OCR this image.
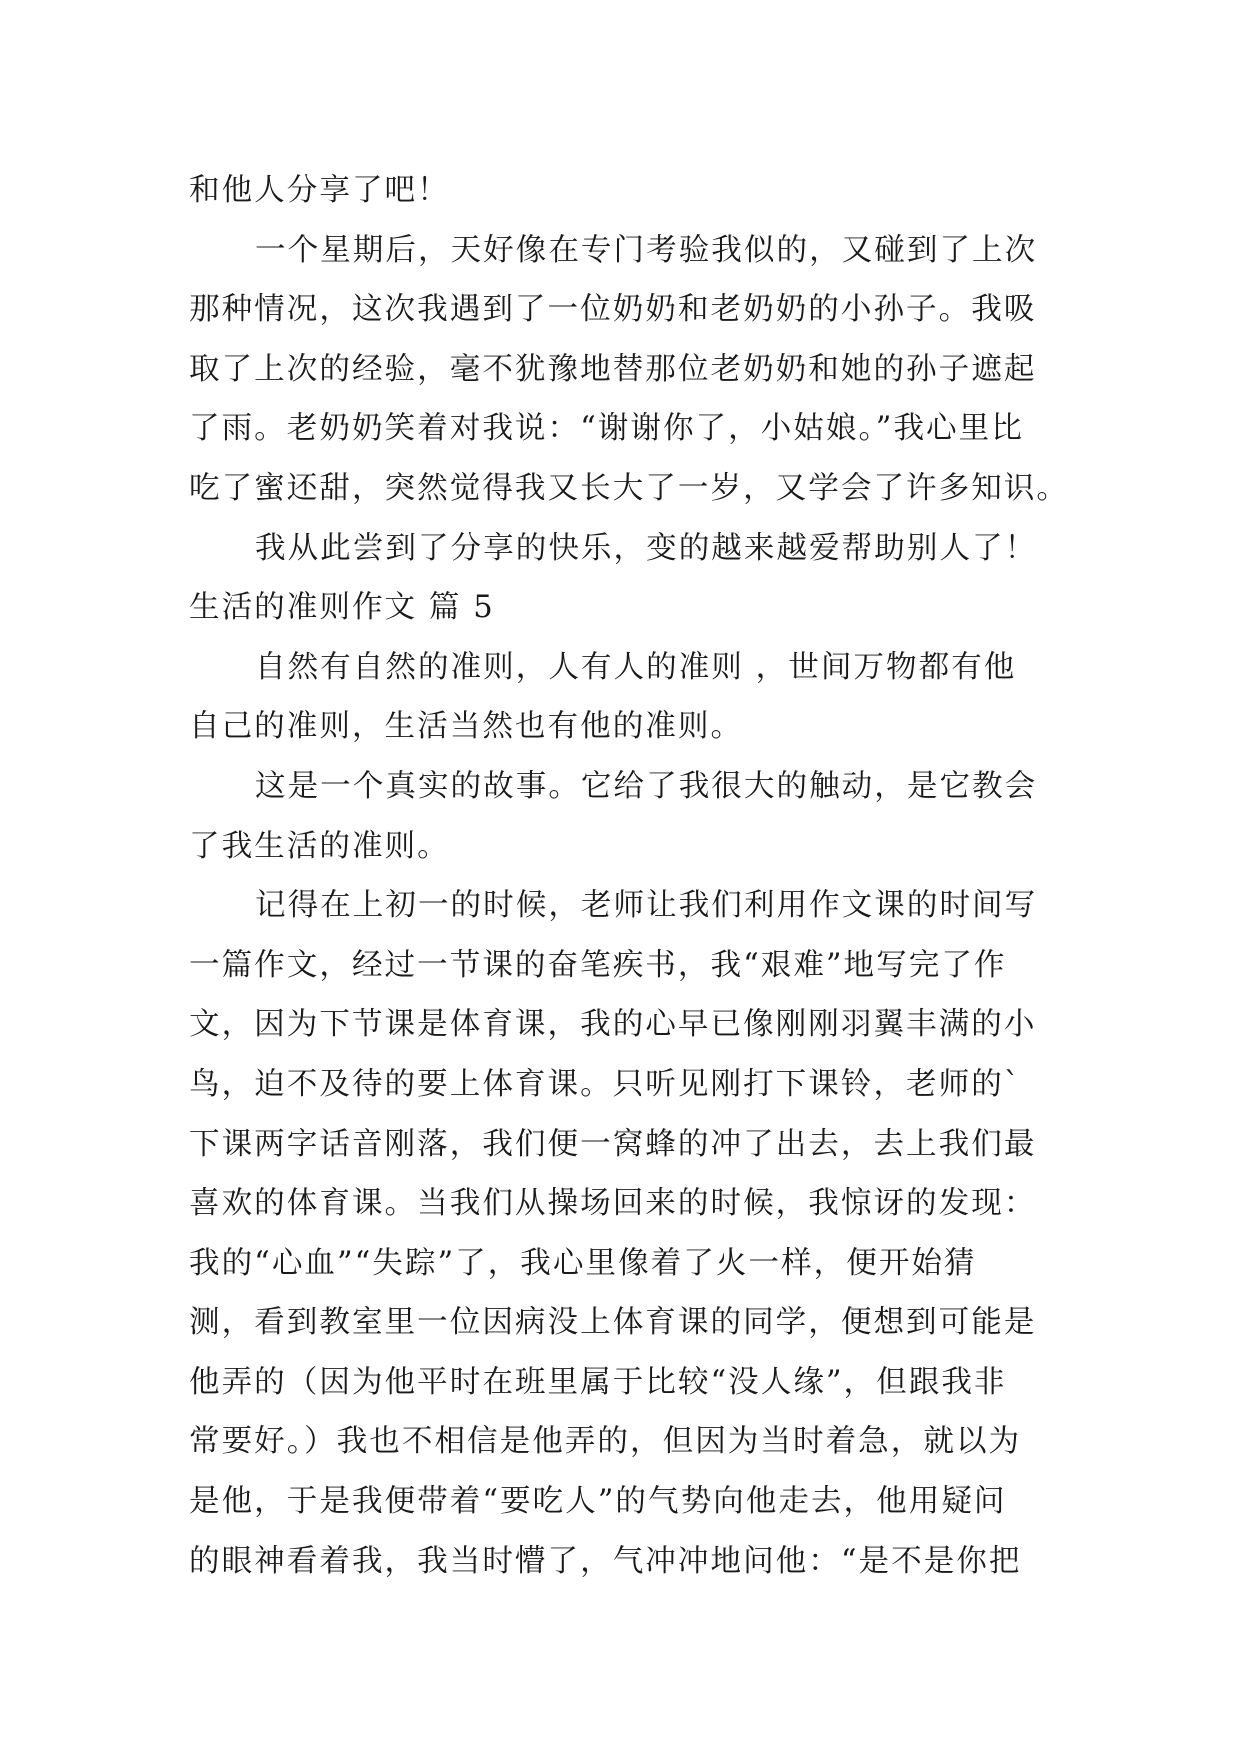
和他人分享了吧！
一个星期后，天好像在专门考验我似的，又碰到了上次
那种情况，这次我遇到了一位奶奶和老奶奶的小孙子。我吸
取了上次的经验，毫不犹豫地替那位老奶奶和她的孙子遮起
了雨。老奶奶笑着对我说：“谢谢你了，小姑娘。”我心里比
吃了蜜还甜，突然觉得我又长大了一岁，又学会了许多知识。
我从此尝到了分享的快乐，变的越来越爱帮助别人了！
生活的准则作文 篇 5
自然有自然的准则，人有人的准则 ，世间万物都有他
自己的准则，生活当然也有他的准则。
这是一个真实的故事。它给了我很大的触动，是它教会
了我生活的准则。
记得在上初一的时候，老师让我们利用作文课的时间写
一篇作文，经过一节课的奋笔疾书，我“艰难”地写完了作
文，因为下节课是体育课，我的心早已像刚刚羽翼丰满的小
鸟，迫不及待的要上体育课。只听见刚打下课铃，老师的`
下课两字话音刚落，我们便一窝蜂的冲了出去，去上我们最
喜欢的体育课。当我们从操场回来的时候，我惊讶的发现：
我的“心血”“失踪”了，我心里像着了火一样，便开始猜
测，看到教室里一位因病没上体育课的同学，便想到可能是
他弄的（因为他平时在班里属于比较“没人缘”，但跟我非
常要好。）我也不相信是他弄的，但因为当时着急，就以为
是他，于是我便带着“要吃人”的气势向他走去，他用疑问
的眼神看着我，我当时懵了，气冲冲地问他：“是不是你把
